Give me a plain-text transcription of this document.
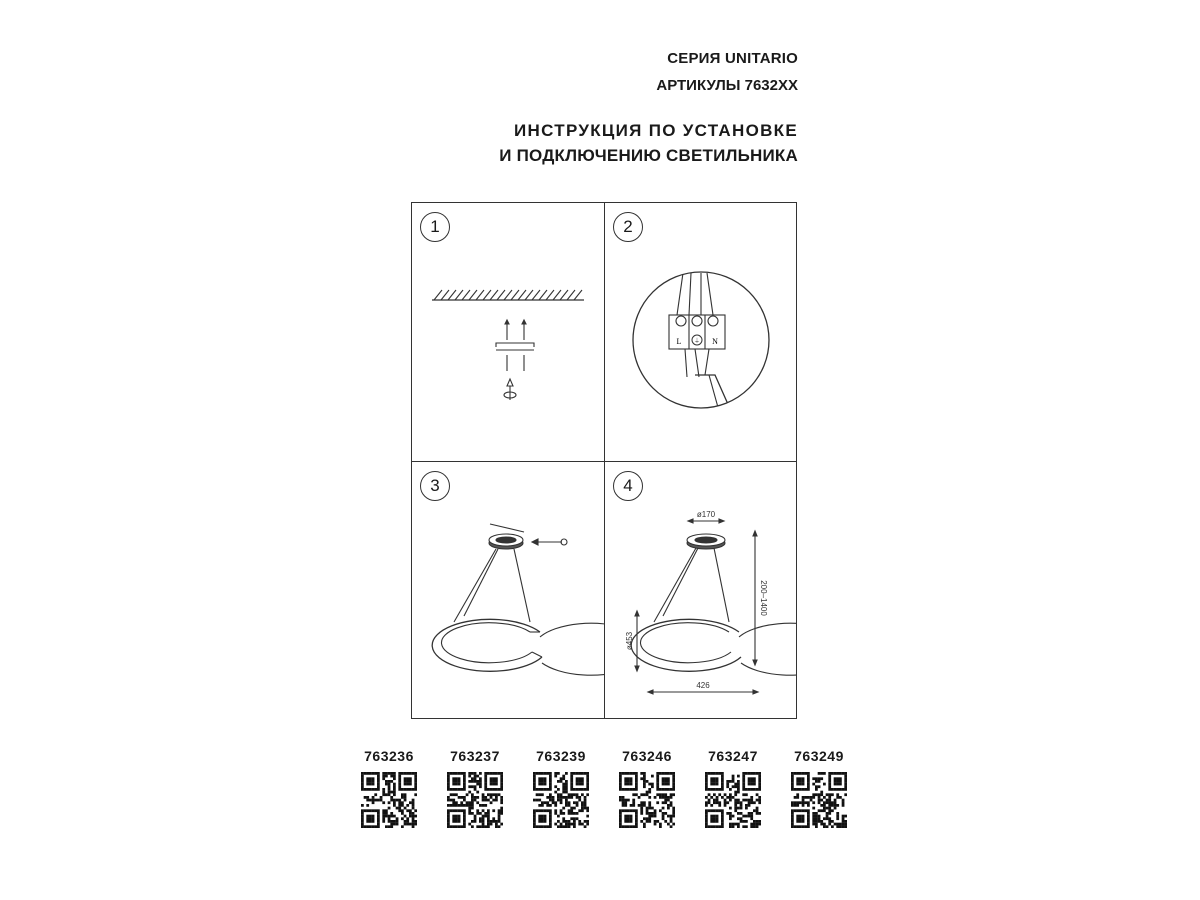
СЕРИЯ UNITARIO
АРТИКУЛЫ 7632XX
ИНСТРУКЦИЯ ПО УСТАНОВКЕ
И ПОДКЛЮЧЕНИЮ СВЕТИЛЬНИКА
1
L ⏚ N
2
3
ø170
200–1400
ø453
426
4
763236	763237	763239	763246	763247	763249
